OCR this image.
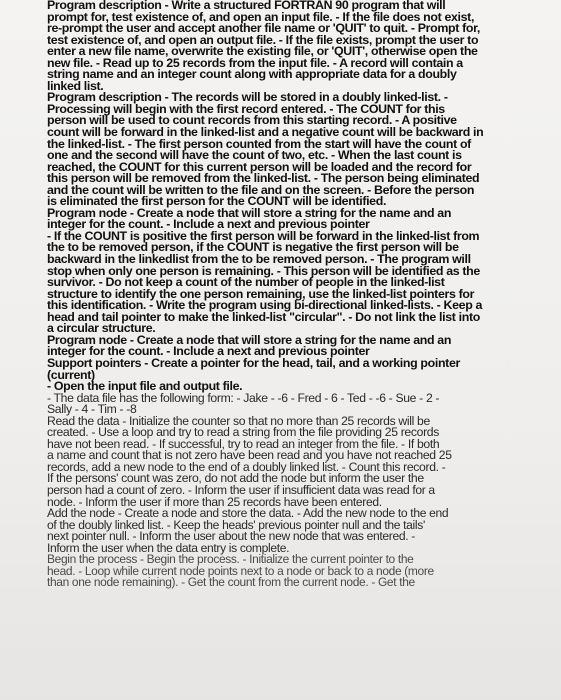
Program description - Write a structured FORTRAN 90 program that will
prompt for, test existence of, and open an input file. - If the file does not exist,
re-prompt the user and accept another file name or 'QUIT' to quit. - Prompt for,
test existence of, and open an output file. - If the file exists, prompt the user to
enter a new file name, overwrite the existing file, or 'QUIT', otherwise open the
new file. - Read up to 25 records from the input file. - A record will contain a
string name and an integer count along with appropriate data for a doubly
linked list.
Program description - The records will be stored in a doubly linked-list. -
Processing will begin with the first record entered. - The COUNT for this
person will be used to count records from this starting record. - A positive
count will be forward in the linked-list and a negative count will be backward in
the linked-list. - The first person counted from the start will have the count of
one and the second will have the count of two, etc. - When the last count is
reached, the COUNT for this current person will be loaded and the record for
this person will be removed from the linked-list. - The person being eliminated
and the count will be written to the file and on the screen. - Before the person
is eliminated the first person for the COUNT will be identified.
Program node - Create a node that will store a string for the name and an
integer for the count. - Include a next and previous pointer
- If the COUNT is positive the first person will be forward in the linked-list from
the to be removed person, if the COUNT is negative the first person will be
backward in the linkedlist from the to be removed person. - The program will
stop when only one person is remaining. - This person will be identified as the
survivor. - Do not keep a count of the number of people in the linked-list
structure to identify the one person remaining, use the linked-list pointers for
this identification. - Write the program using bi-directional linked-lists. - Keep a
head and tail pointer to make the linked-list "circular". - Do not link the list into
a circular structure.
Program node - Create a node that will store a string for the name and an
integer for the count. - Include a next and previous pointer
Support pointers - Create a pointer for the head, tail, and a working pointer
(current)
- Open the input file and output file.
- The data file has the following form: - Jake - -6 - Fred - 6 - Ted - -6 - Sue - 2 -
Sally - 4 - Tim - -8
Read the data - Initialize the counter so that no more than 25 records will be
created. - Use a loop and try to read a string from the file providing 25 records
have not been read. - If successful, try to read an integer from the file. - If both
a name and count that is not zero have been read and you have not reached 25
records, add a new node to the end of a doubly linked list. - Count this record. -
If the persons' count was zero, do not add the node but inform the user the
person had a count of zero. - Inform the user if insufficient data was read for a
node. - Inform the user if more than 25 records have been entered.
Add the node - Create a node and store the data. - Add the new node to the end
of the doubly linked list. - Keep the heads' previous pointer null and the tails'
next pointer null. - Inform the user about the new node that was entered. -
Inform the user when the data entry is complete.
Begin the process - Begin the process. - Initialize the current pointer to the
head. - Loop while current node points next to a node or back to a node (more
than one node remaining). - Get the count from the current node. - Get the
